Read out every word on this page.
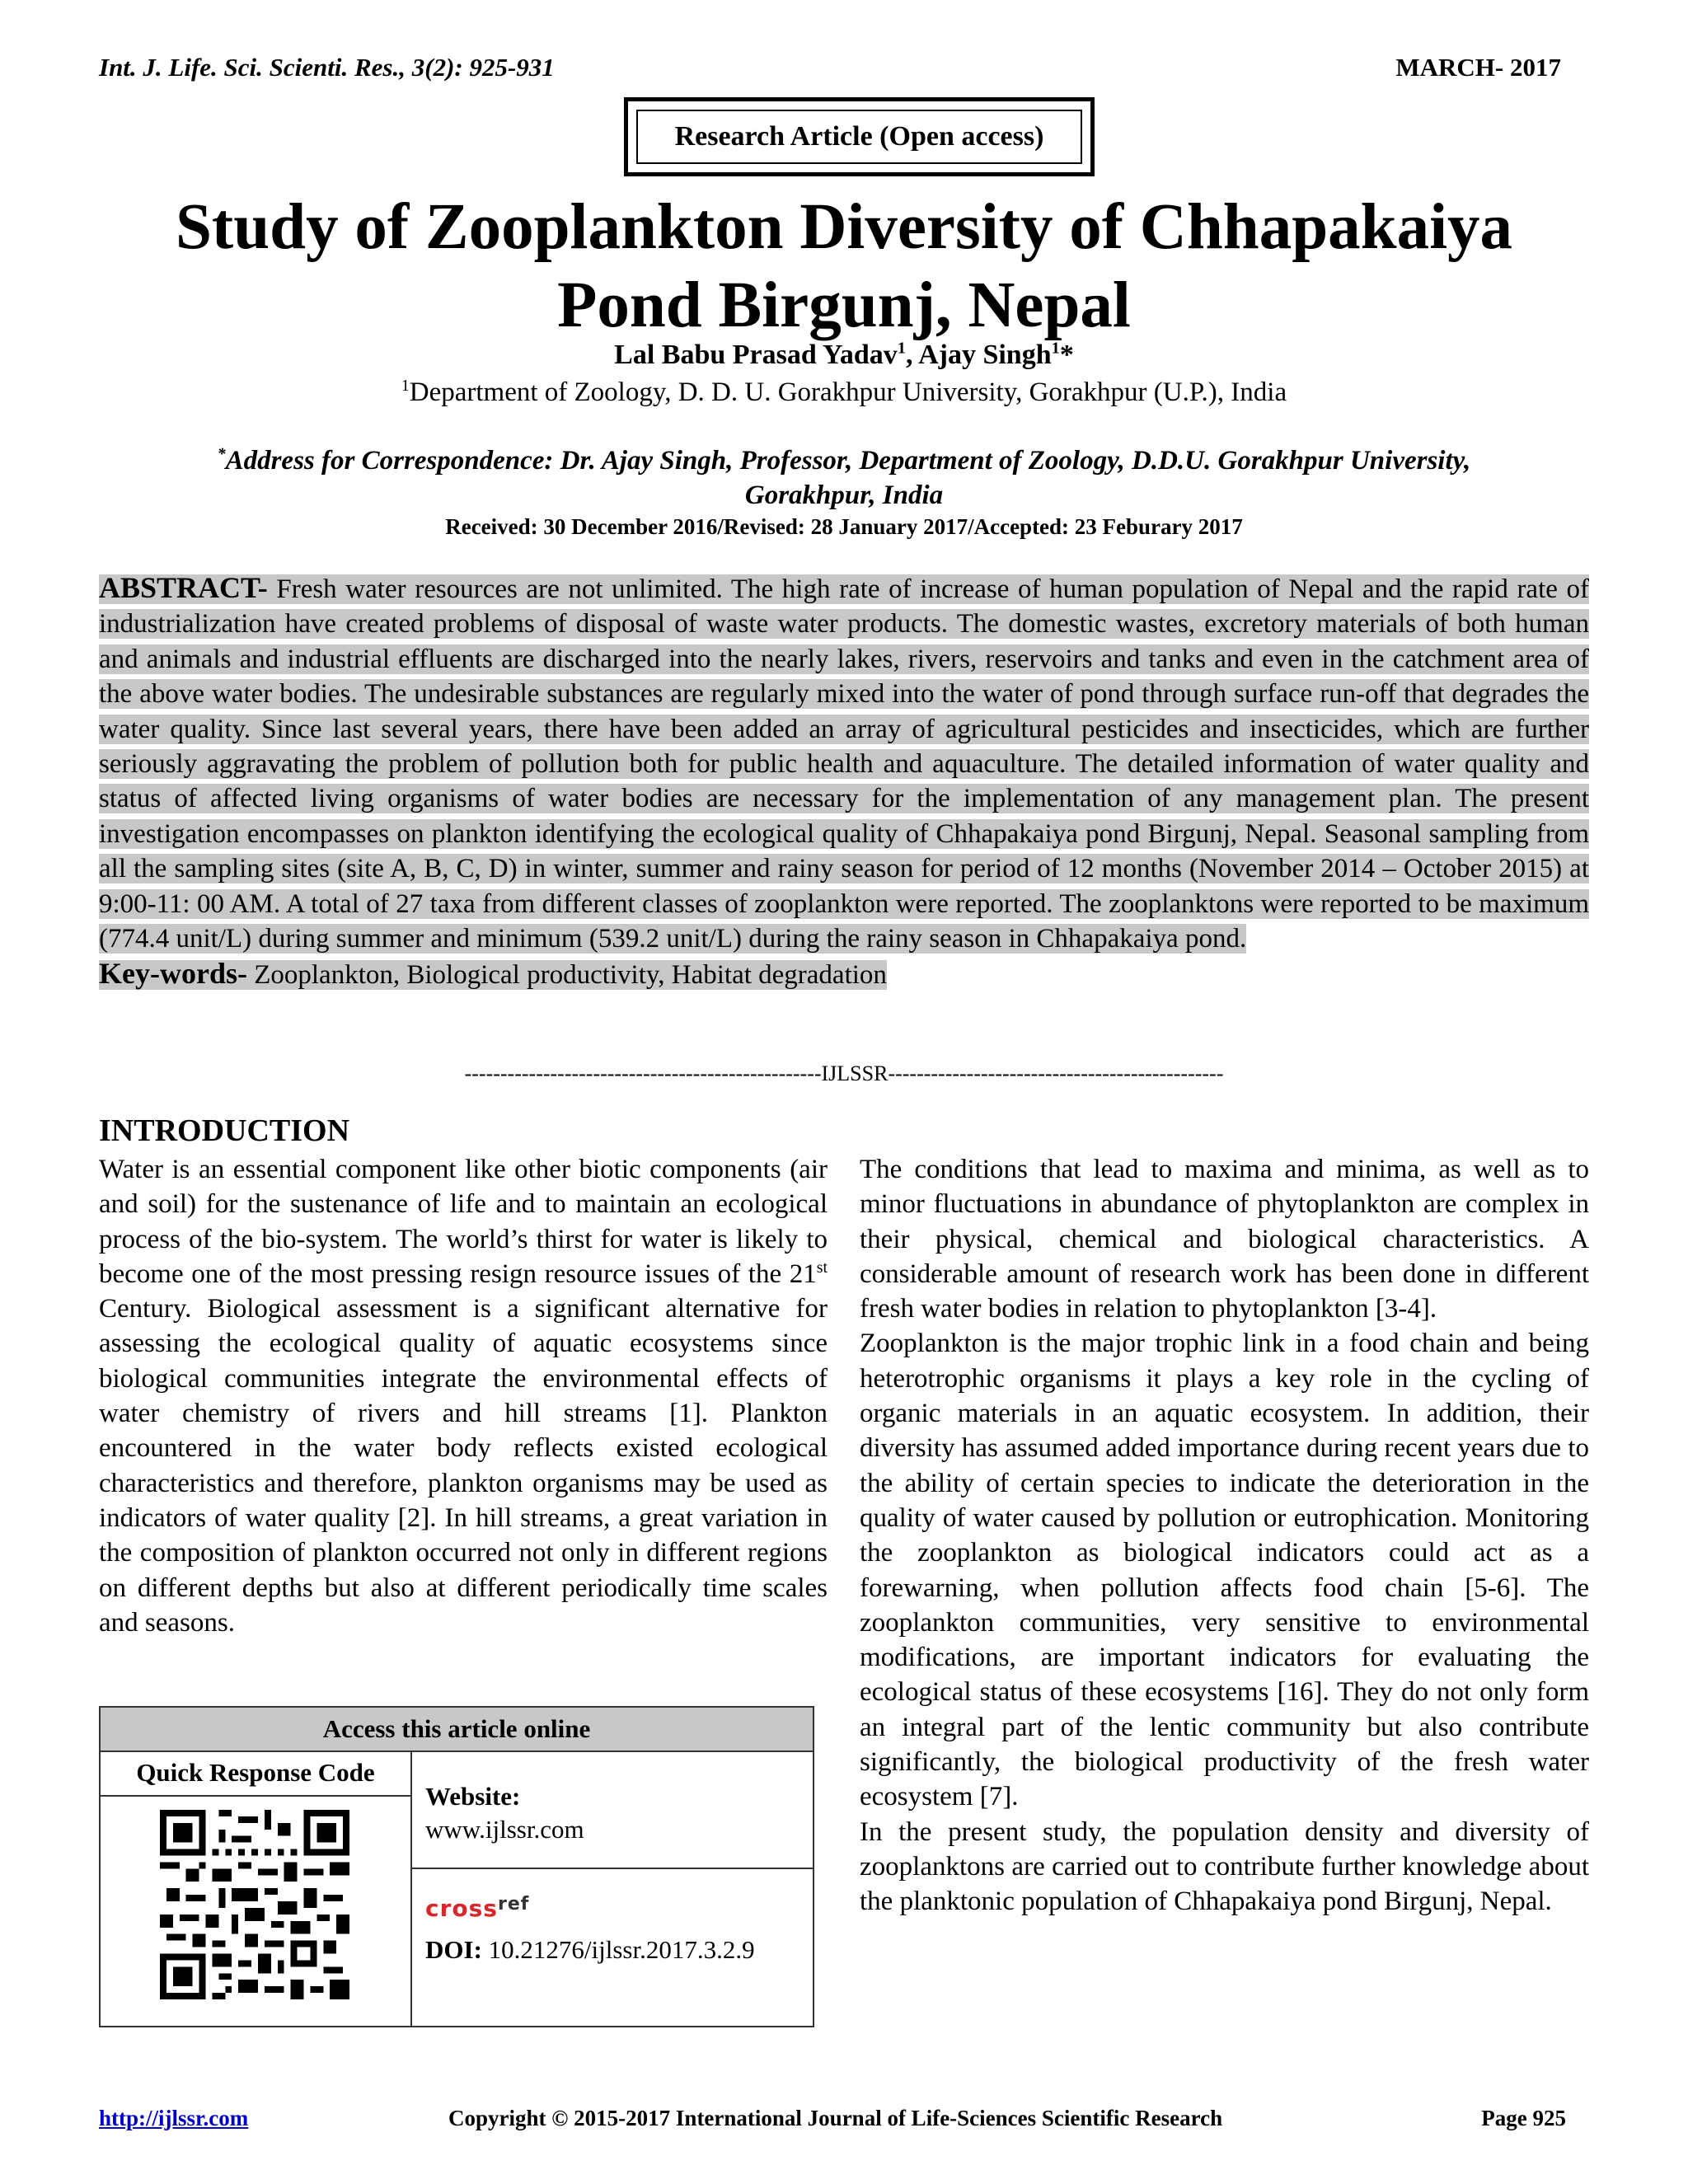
Int. J. Life. Sci. Scienti. Res., 3(2): 925-931	MARCH- 2017
Research Article (Open access)
Study of Zooplankton Diversity of Chhapakaiya
Pond Birgunj, Nepal
Lal Babu Prasad Yadav$^1$, Ajay Singh$^1$*
$^1$Department of Zoology, D. D. U. Gorakhpur University, Gorakhpur (U.P.), India
*Address for Correspondence: Dr. Ajay Singh, Professor, Department of Zoology, D.D.U. Gorakhpur University,
Gorakhpur, India
Received: 30 December 2016/Revised: 28 January 2017/Accepted: 23 Feburary 2017
ABSTRACT- Fresh water resources are not unlimited. The high rate of increase of human population of Nepal and the rapid rate of industrialization have created problems of disposal of waste water products. The domestic wastes, excretory materials of both human and animals and industrial effluents are discharged into the nearly lakes, rivers, reservoirs and tanks and even in the catchment area of the above water bodies. The undesirable substances are regularly mixed into the water of pond through surface run-off that degrades the water quality. Since last several years, there have been added an array of agricultural pesticides and insecticides, which are further seriously aggravating the problem of pollution both for public health and aquaculture. The detailed information of water quality and status of affected living organisms of water bodies are necessary for the implementation of any management plan. The present investigation encompasses on plankton identifying the ecological quality of Chhapakaiya pond Birgunj, Nepal. Seasonal sampling from all the sampling sites (site A, B, C, D) in winter, summer and rainy season for period of 12 months (November 2014 – October 2015) at 9:00-11: 00 AM. A total of 27 taxa from different classes of zooplankton were reported. The zooplanktons were reported to be maximum (774.4 unit/L) during summer and minimum (539.2 unit/L) during the rainy season in Chhapakaiya pond.
Key-words- Zooplankton, Biological productivity, Habitat degradation
--------------------------------------------------IJLSSR-----------------------------------------------
INTRODUCTION

Water is an essential component like other biotic components (air and soil) for the sustenance of life and to maintain an ecological process of the bio-system. The world’s thirst for water is likely to become one of the most pressing resign resource issues of the 21st Century. Biological assessment is a significant alternative for assessing the ecological quality of aquatic ecosystems since biological communities integrate the environmental effects of water chemistry of rivers and hill streams [1]. Plankton encountered in the water body reflects existed ecological characteristics and therefore, plankton organisms may be used as indicators of water quality [2]. In hill streams, a great variation in the composition of plankton occurred not only in different regions on different depths but also at different periodically time scales and seasons.

The conditions that lead to maxima and minima, as well as to minor fluctuations in abundance of phytoplankton are complex in their physical, chemical and biological characteristics. A considerable amount of research work has been done in different fresh water bodies in relation to phytoplankton [3-4].

Zooplankton is the major trophic link in a food chain and being heterotrophic organisms it plays a key role in the cycling of organic materials in an aquatic ecosystem. In addition, their diversity has assumed added importance during recent years due to the ability of certain species to indicate the deterioration in the quality of water caused by pollution or eutrophication. Monitoring the zooplankton as biological indicators could act as a forewarning, when pollution affects food chain [5-6]. The zooplankton communities, very sensitive to environmental modifications, are important indicators for evaluating the ecological status of these ecosystems [16]. They do not only form an integral part of the lentic community but also contribute significantly, the biological productivity of the fresh water ecosystem [7].

In the present study, the population density and diversity of zooplanktons are carried out to contribute further knowledge about the planktonic population of Chhapakaiya pond Birgunj, Nepal.

Access this article online
Quick Response Code
Website:
www.ijlssr.com
cross$^{ref}$
DOI: 10.21276/ijlssr.2017.3.2.9
http://ijlssr.com	Copyright © 2015-2017 International Journal of Life-Sciences Scientific Research	Page 925
